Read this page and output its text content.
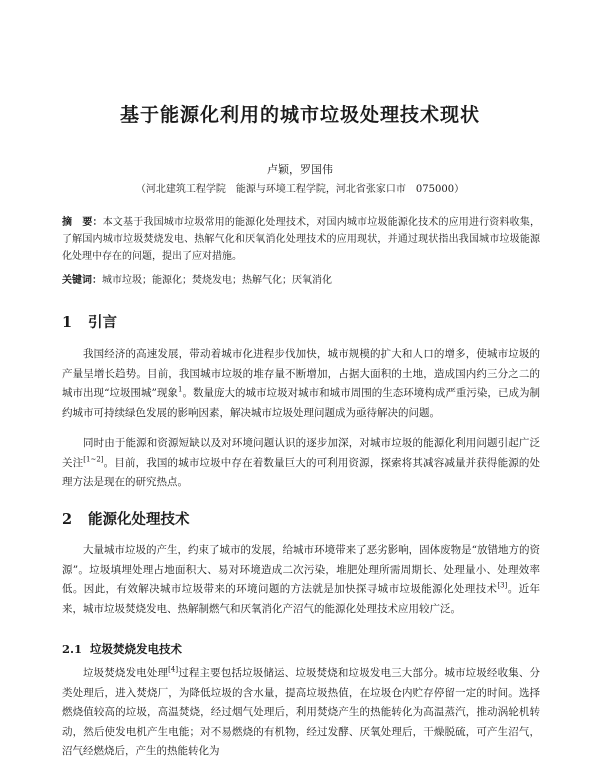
基于能源化利用的城市垃圾处理技术现状
卢颖，罗国伟
（河北建筑工程学院　能源与环境工程学院，河北省张家口市　075000）
摘　要：本文基于我国城市垃圾常用的能源化处理技术，对国内城市垃圾能源化技术的应用进行资料收集，了解国内城市垃圾焚烧发电、热解气化和厌氧消化处理技术的应用现状，并通过现状指出我国城市垃圾能源化处理中存在的问题，提出了应对措施。
关键词：城市垃圾；能源化；焚烧发电；热解气化；厌氧消化
1 引言

我国经济的高速发展，带动着城市化进程步伐加快，城市规模的扩大和人口的增多，使城市垃圾的产量呈增长趋势。目前，我国城市垃圾的堆存量不断增加，占据大面积的土地，造成国内约三分之二的城市出现“垃圾围城”现象$^1$。数量庞大的城市垃圾对城市和城市周围的生态环境构成严重污染，已成为制约城市可持续绿色发展的影响因素，解决城市垃圾处理问题成为亟待解决的问题。

同时由于能源和资源短缺以及对环境问题认识的逐步加深，对城市垃圾的能源化利用问题引起广泛关注[1~2]。目前，我国的城市垃圾中存在着数量巨大的可利用资源，探索将其减容减量并获得能源的处理方法是现在的研究热点。

2 能源化处理技术

大量城市垃圾的产生，约束了城市的发展，给城市环境带来了恶劣影响，固体废物是“放错地方的资源”。垃圾填埋处理占地面积大、易对环境造成二次污染，堆肥处理所需周期长、处理量小、处理效率低。因此，有效解决城市垃圾带来的环境问题的方法就是加快探寻城市垃圾能源化处理技术[3]。近年来，城市垃圾焚烧发电、热解制燃气和厌氧消化产沼气的能源化处理技术应用较广泛。

2.1 垃圾焚烧发电技术

垃圾焚烧发电处理[4]过程主要包括垃圾储运、垃圾焚烧和垃圾发电三大部分。城市垃圾经收集、分类处理后，进入焚烧厂，为降低垃圾的含水量，提高垃圾热值，在垃圾仓内贮存停留一定的时间。选择燃烧值较高的垃圾，高温焚烧，经过烟气处理后，利用焚烧产生的热能转化为高温蒸汽，推动涡轮机转动，然后使发电机产生电能；对不易燃烧的有机物，经过发酵、厌氧处理后，干燥脱硫，可产生沼气，沼气经燃烧后，产生的热能转化为
